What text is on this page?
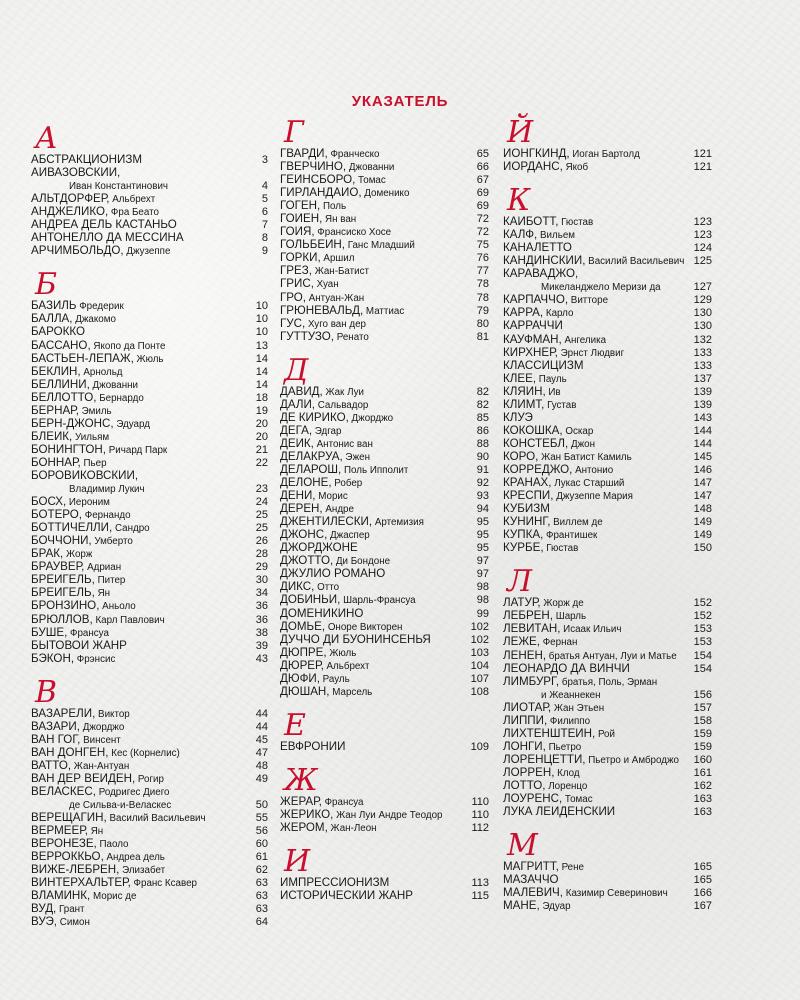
УКАЗАТЕЛЬ
А
АБСТРАКЦИОНИЗМ	3
АЙВАЗОВСКИЙ,
Иван Константинович	4
АЛЬТДОРФЕР, Альбрехт	5
АНДЖЕЛИКО, Фра Беато	6
АНДРЕА ДЕЛЬ КАСТАНЬО	7
АНТОНЕЛЛО ДА МЕССИНА	8
АРЧИМБОЛЬДО, Джузеппе	9
Б
БАЗИЛЬ Фредерик	10
БАЛЛА, Джакомо	10
БАРОККО	10
БАССАНО, Якопо да Понте	13
БАСТЬЕН-ЛЕПАЖ, Жюль	14
БЁКЛИН, Арнольд	14
БЕЛЛИНИ, Джованни	14
БЕЛЛОТТО, Бернардо	18
БЕРНАР, Эмиль	19
БЁРН-ДЖОНС, Эдуард	20
БЛЕЙК, Уильям	20
БОНИНГТОН, Ричард Парк	21
БОННАР, Пьер	22
БОРОВИКОВСКИЙ,
Владимир Лукич	23
БОСХ, Иероним	24
БОТЕРО, Фернандо	25
БОТТИЧЕЛЛИ, Сандро	25
БОЧЧОНИ, Умберто	26
БРАК, Жорж	28
БРАУВЕР, Адриан	29
БРЕЙГЕЛЬ, Питер	30
БРЕЙГЕЛЬ, Ян	34
БРОНЗИНО, Аньоло	36
БРЮЛЛОВ, Карл Павлович	36
БУШЕ, Франсуа	38
БЫТОВОЙ ЖАНР	39
БЭКОН, Фрэнсис	43
В
ВАЗАРЕЛИ, Виктор	44
ВАЗАРИ, Джорджо	44
ВАН ГОГ, Винсент	45
ВАН ДОНГЕН, Кес (Корнелис)	47
ВАТТО, Жан-Антуан	48
ВАН ДЕР ВЕЙДЕН, Рогир	49
ВЕЛАСКЕС, Родригес Диего
де Сильва-и-Веласкес	50
ВЕРЕЩАГИН, Василий Васильевич	55
ВЕРМЕЕР, Ян	56
ВЕРОНЕЗЕ, Паоло	60
ВЕРРОККЬО, Андреа дель	61
ВИЖЕ-ЛЕБРЕН, Элизабет	62
ВИНТЕРХАЛЬТЕР, Франс Ксавер	63
ВЛАМИНК, Морис де	63
ВУД, Грант	63
ВУЭ, Симон	64
Г
ГВАРДИ, Франческо	65
ГВЕРЧИНО, Джованни	66
ГЕЙНСБОРО, Томас	67
ГИРЛАНДАЙО, Доменико	69
ГОГЕН, Поль	69
ГОЙЕН, Ян ван	72
ГОЙЯ, Франсиско Хосе	72
ГОЛЬБЕЙН, Ганс Младший	75
ГОРКИ, Аршил	76
ГРЁЗ, Жан-Батист	77
ГРИС, Хуан	78
ГРО, Антуан-Жан	78
ГРЮНЕВАЛЬД, Маттиас	79
ГУС, Хуго ван дер	80
ГУТТУЗО, Ренато	81
Д
ДАВИД, Жак Луи	82
ДАЛИ, Сальвадор	82
ДЕ КИРИКО, Джорджо	85
ДЕГА, Эдгар	86
ДЕЙК, Антонис ван	88
ДЕЛАКРУА, Эжен	90
ДЕЛАРОШ, Поль Ипполит	91
ДЕЛОНЕ, Робер	92
ДЕНИ, Морис	93
ДЕРЕН, Андре	94
ДЖЕНТИЛЕСКИ, Артемизия	95
ДЖОНС, Джаспер	95
ДЖОРДЖОНЕ	95
ДЖОТТО, Ди Бондоне	97
ДЖУЛИО РОМАНО	97
ДИКС, Отто	98
ДОБИНЬИ, Шарль-Франсуа	98
ДОМЕНИКИНО	99
ДОМЬЕ, Оноре Викторен	102
ДУЧЧО ДИ БУОНИНСЕНЬЯ	102
ДЮПРЕ, Жюль	103
ДЮРЕР, Альбрехт	104
ДЮФИ, Рауль	107
ДЮШАН, Марсель	108
Е
ЕВФРОНИЙ	109
Ж
ЖЕРАР, Франсуа	110
ЖЕРИКО, Жан Луи Андре Теодор	110
ЖЕРОМ, Жан-Леон	112
И
ИМПРЕССИОНИЗМ	113
ИСТОРИЧЕСКИЙ ЖАНР	115
Й
ЙОНГКИНД, Иоган Бартолд	121
ЙОРДАНС, Якоб	121
К
КАЙБОТТ, Гюстав	123
КАЛФ, Вильем	123
КАНАЛЕТТО	124
КАНДИНСКИЙ, Василий Васильевич 125
КАРАВАДЖО,
Микеланджело Меризи да	127
КАРПАЧЧО, Витторе	129
КАРРА, Карло	130
КАРРАЧЧИ	130
КАУФМАН, Ангелика	132
КИРХНЕР, Эрнст Людвиг	133
КЛАССИЦИЗМ	133
КЛЕЕ, Пауль	137
КЛЯЙН, Ив	139
КЛИМТ, Густав	139
КЛУЭ	143
КОКОШКА, Оскар	144
КОНСТЕБЛ, Джон	144
КОРО, Жан Батист Камиль	145
КОРРЕДЖО, Антонио	146
КРАНАХ, Лукас Старший	147
КРЕСПИ, Джузеппе Мария	147
КУБИЗМ	148
КУНИНГ, Виллем де	149
КУПКА, Франтишек	149
КУРБЕ, Гюстав	150
Л
ЛАТУР, Жорж де	152
ЛЕБРЕН, Шарль	152
ЛЕВИТАН, Исаак Ильич	153
ЛЕЖЕ, Фернан	153
ЛЕНЕН, братья Антуан, Луи и Матье 154
ЛЕОНАРДО ДА ВИНЧИ	154
ЛИМБУРГ, братья, Поль, Эрман
и Жеаннекен	156
ЛИОТАР, Жан Этьен	157
ЛИППИ, Филиппо	158
ЛИХТЕНШТЕЙН, Рой	159
ЛОНГИ, Пьетро	159
ЛОРЕНЦЕТТИ, Пьетро и Амброджо 160
ЛОРРЕН, Клод	161
ЛОТТО, Лоренцо	162
ЛОУРЕНС, Томас	163
ЛУКА ЛЕЙДЕНСКИЙ	163
М
МАГРИТТ, Рене	165
МАЗАЧЧО	165
МАЛЕВИЧ, Казимир Северинович 166
МАНЕ, Эдуар	167
